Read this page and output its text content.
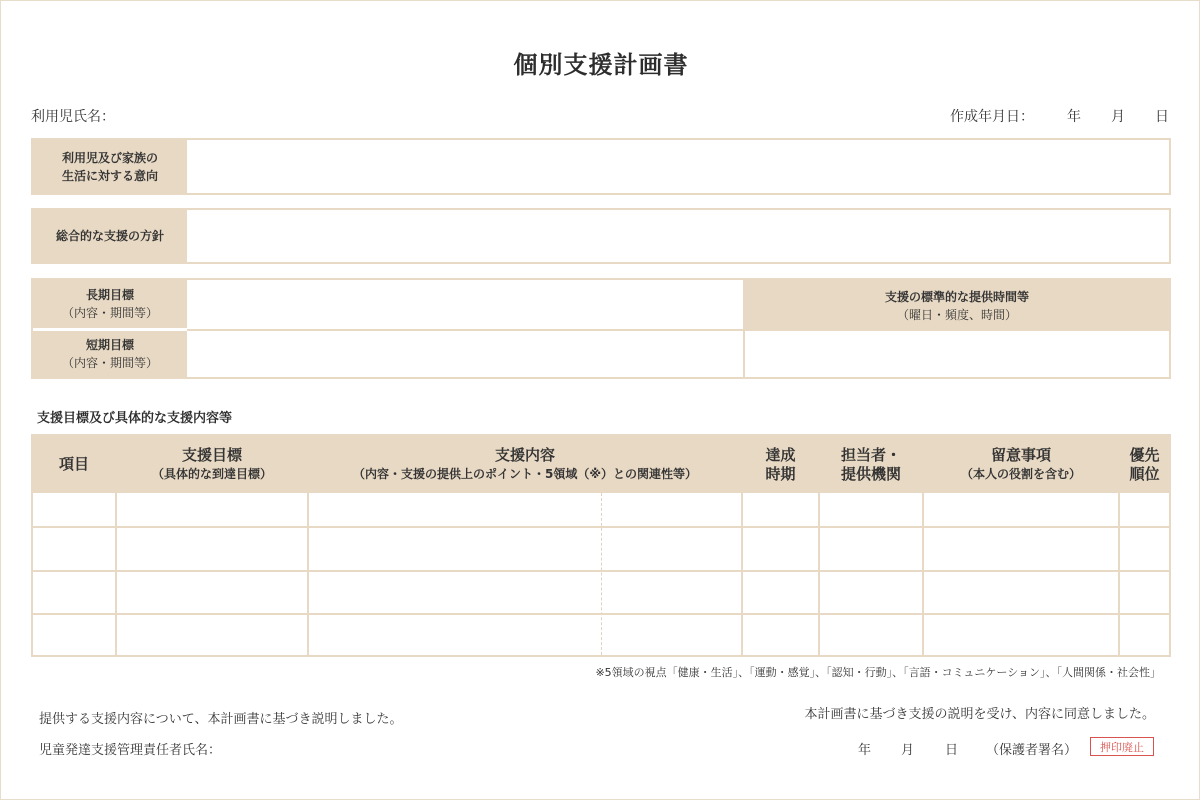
個別支援計画書
利用児氏名：	作成年月日： 年 月 日
利用児及び家族の
生活に対する意向
総合的な支援の方針
長期目標
（内容・期間等）
短期目標
（内容・期間等）
支援の標準的な提供時間等
（曜日・頻度、時間）
支援目標及び具体的な支援内容等
項目
支援目標
（具体的な到達目標）
支援内容
（内容・支援の提供上のポイント・5領域（※）との関連性等）
達成
時期
担当者・
提供機関
留意事項
（本人の役割を含む）
優先
順位
※5領域の視点「健康・生活」、「運動・感覚」、「認知・行動」、「言語・コミュニケーション」、「人間関係・社会性」
提供する支援内容について、本計画書に基づき説明しました。
児童発達支援管理責任者氏名：
本計画書に基づき支援の説明を受け、内容に同意しました。
年 月 日 （保護者署名）	押印廃止
